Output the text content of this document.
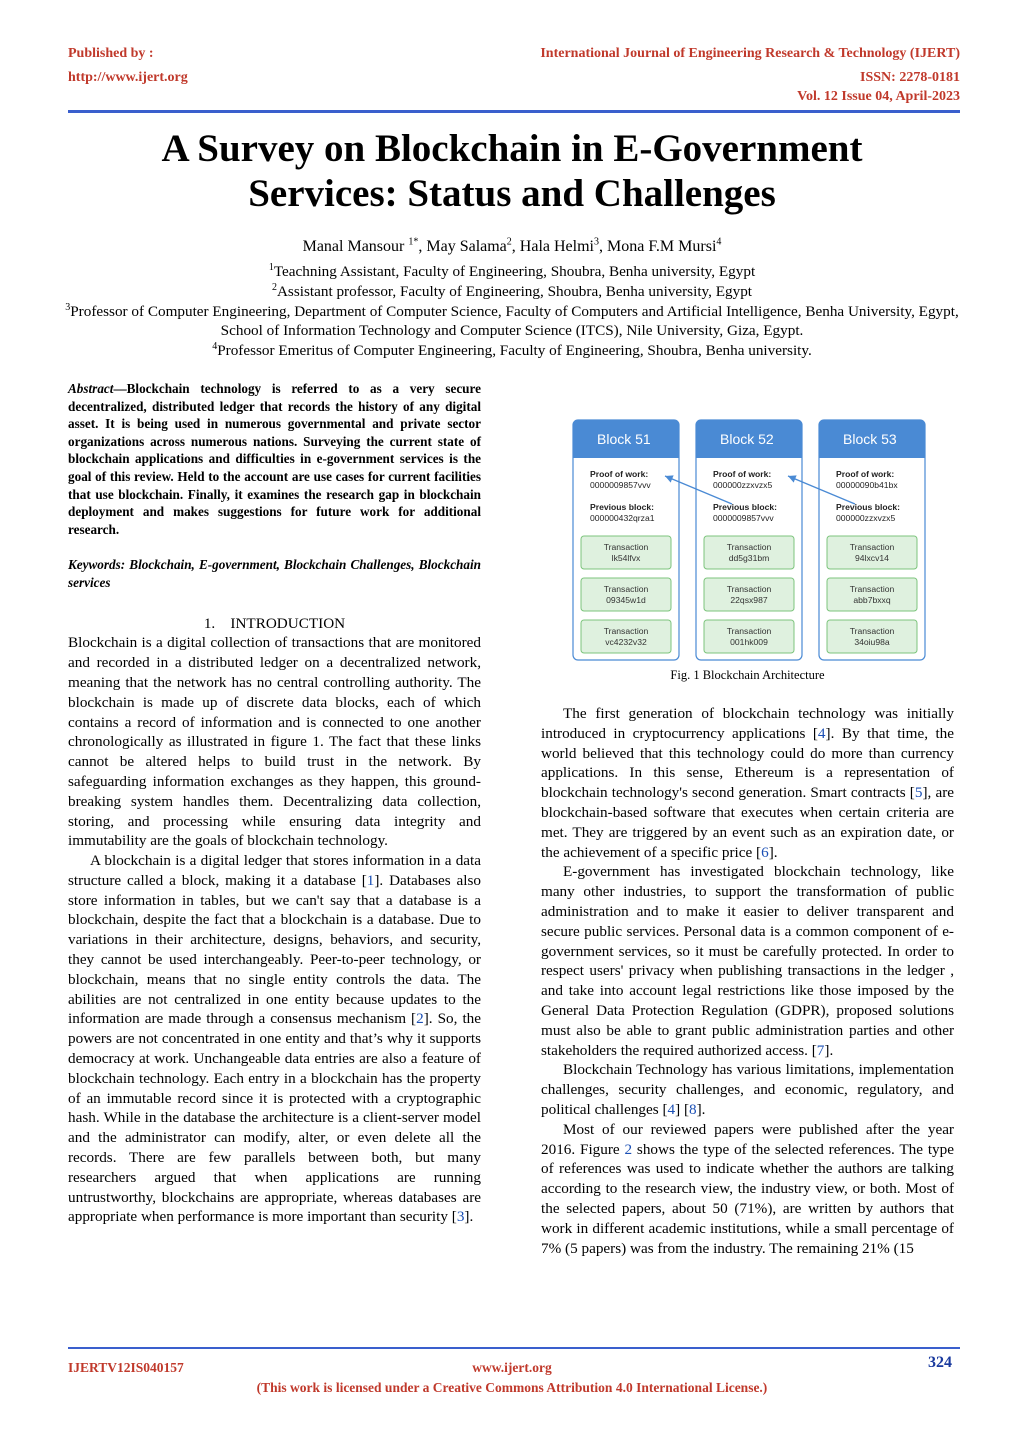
Published by :
http://www.ijert.org
International Journal of Engineering Research & Technology (IJERT)
ISSN: 2278-0181
Vol. 12 Issue 04, April-2023
A Survey on Blockchain in E-Government
Services: Status and Challenges
Manal Mansour $^{1*}$, May Salama$^2$, Hala Helmi$^3$, Mona F.M Mursi$^4$

$^1$Teachning Assistant, Faculty of Engineering, Shoubra, Benha university, Egypt

$^2$Assistant professor, Faculty of Engineering, Shoubra, Benha university, Egypt

$^3$Professor of Computer Engineering, Department of Computer Science, Faculty of Computers and Artificial Intelligence, Benha University, Egypt, School of Information Technology and Computer Science (ITCS), Nile University, Giza, Egypt.

$^4$Professor Emeritus of Computer Engineering, Faculty of Engineering, Shoubra, Benha university.

Abstract—Blockchain technology is referred to as a very secure decentralized, distributed ledger that records the history of any digital asset. It is being used in numerous governmental and private sector organizations across numerous nations. Surveying the current state of blockchain applications and difficulties in e-government services is the goal of this review. Held to the account are use cases for current facilities that use blockchain. Finally, it examines the research gap in blockchain deployment and makes suggestions for future work for additional research.

Keywords: Blockchain, E-government, Blockchain Challenges, Blockchain services

1.    INTRODUCTION

Blockchain is a digital collection of transactions that are monitored and recorded in a distributed ledger on a decentralized network, meaning that the network has no central controlling authority. The blockchain is made up of discrete data blocks, each of which contains a record of information and is connected to one another chronologically as illustrated in figure 1. The fact that these links cannot be altered helps to build trust in the network. By safeguarding information exchanges as they happen, this ground-breaking system handles them. Decentralizing data collection, storing, and processing while ensuring data integrity and immutability are the goals of blockchain technology.

A blockchain is a digital ledger that stores information in a data structure called a block, making it a database [1]. Databases also store information in tables, but we can't say that a database is a blockchain, despite the fact that a blockchain is a database. Due to variations in their architecture, designs, behaviors, and security, they cannot be used interchangeably. Peer-to-peer technology, or blockchain, means that no single entity controls the data. The abilities are not centralized in one entity because updates to the information are made through a consensus mechanism [2]. So, the powers are not concentrated in one entity and that’s why it supports democracy at work. Unchangeable data entries are also a feature of blockchain technology. Each entry in a blockchain has the property of an immutable record since it is protected with a cryptographic hash. While in the database the architecture is a client-server model and the administrator can modify, alter, or even delete all the records. There are few parallels between both, but many researchers argued that when applications are running untrustworthy, blockchains are appropriate, whereas databases are appropriate when performance is more important than security [3].

Block 51
Proof of work:
0000009857vvv
Previous block:
000000432qrza1
Transaction
lk54lfvx
Transaction
09345w1d
Transaction
vc4232v32
Block 52
Proof of work:
000000zzxvzx5
Previous block:
0000009857vvv
Transaction
dd5g31bm
Transaction
22qsx987
Transaction
001hk009
Block 53
Proof of work:
00000090b41bx
Previous block:
000000zzxvzx5
Transaction
94lxcv14
Transaction
abb7bxxq
Transaction
34oiu98a
Fig. 1 Blockchain Architecture

The first generation of blockchain technology was initially introduced in cryptocurrency applications [4]. By that time, the world believed that this technology could do more than currency applications. In this sense, Ethereum is a representation of blockchain technology's second generation. Smart contracts [5], are blockchain-based software that executes when certain criteria are met. They are triggered by an event such as an expiration date, or the achievement of a specific price [6].

E-government has investigated blockchain technology, like many other industries, to support the transformation of public administration and to make it easier to deliver transparent and secure public services. Personal data is a common component of e-government services, so it must be carefully protected. In order to respect users' privacy when publishing transactions in the ledger , and take into account legal restrictions like those imposed by the General Data Protection Regulation (GDPR), proposed solutions must also be able to grant public administration parties and other stakeholders the required authorized access. [7].

Blockchain Technology has various limitations, implementation challenges, security challenges, and economic, regulatory, and political challenges [4] [8].

Most of our reviewed papers were published after the year 2016. Figure 2 shows the type of the selected references. The type of references was used to indicate whether the authors are talking according to the research view, the industry view, or both. Most of the selected papers, about 50 (71%), are written by authors that work in different academic institutions, while a small percentage of 7% (5 papers) was from the industry. The remaining 21% (15

IJERTV12IS040157	www.ijert.org
(This work is licensed under a Creative Commons Attribution 4.0 International License.)
324
